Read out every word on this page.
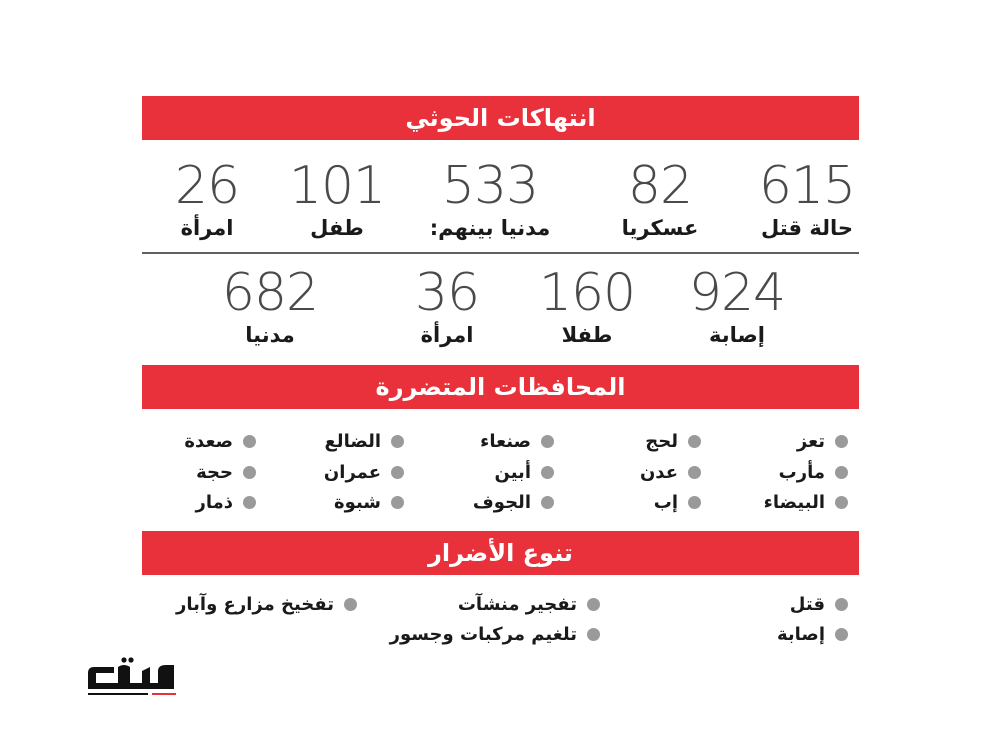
انتهاكات الحوثي
615
حالة قتل
82
عسكريا
533
مدنيا بينهم:
101
طفل
26
امرأة
924
إصابة
160
طفلا
36
امرأة
682
مدنيا
المحافظات المتضررة
تعز
لحج
صنعاء
الضالع
صعدة
مأرب
عدن
أبين
عمران
حجة
البيضاء
إب
الجوف
شبوة
ذمار
تنوع الأضرار
قتل
تفجير منشآت
تفخيخ مزارع وآبار
إصابة
تلغيم مركبات وجسور
